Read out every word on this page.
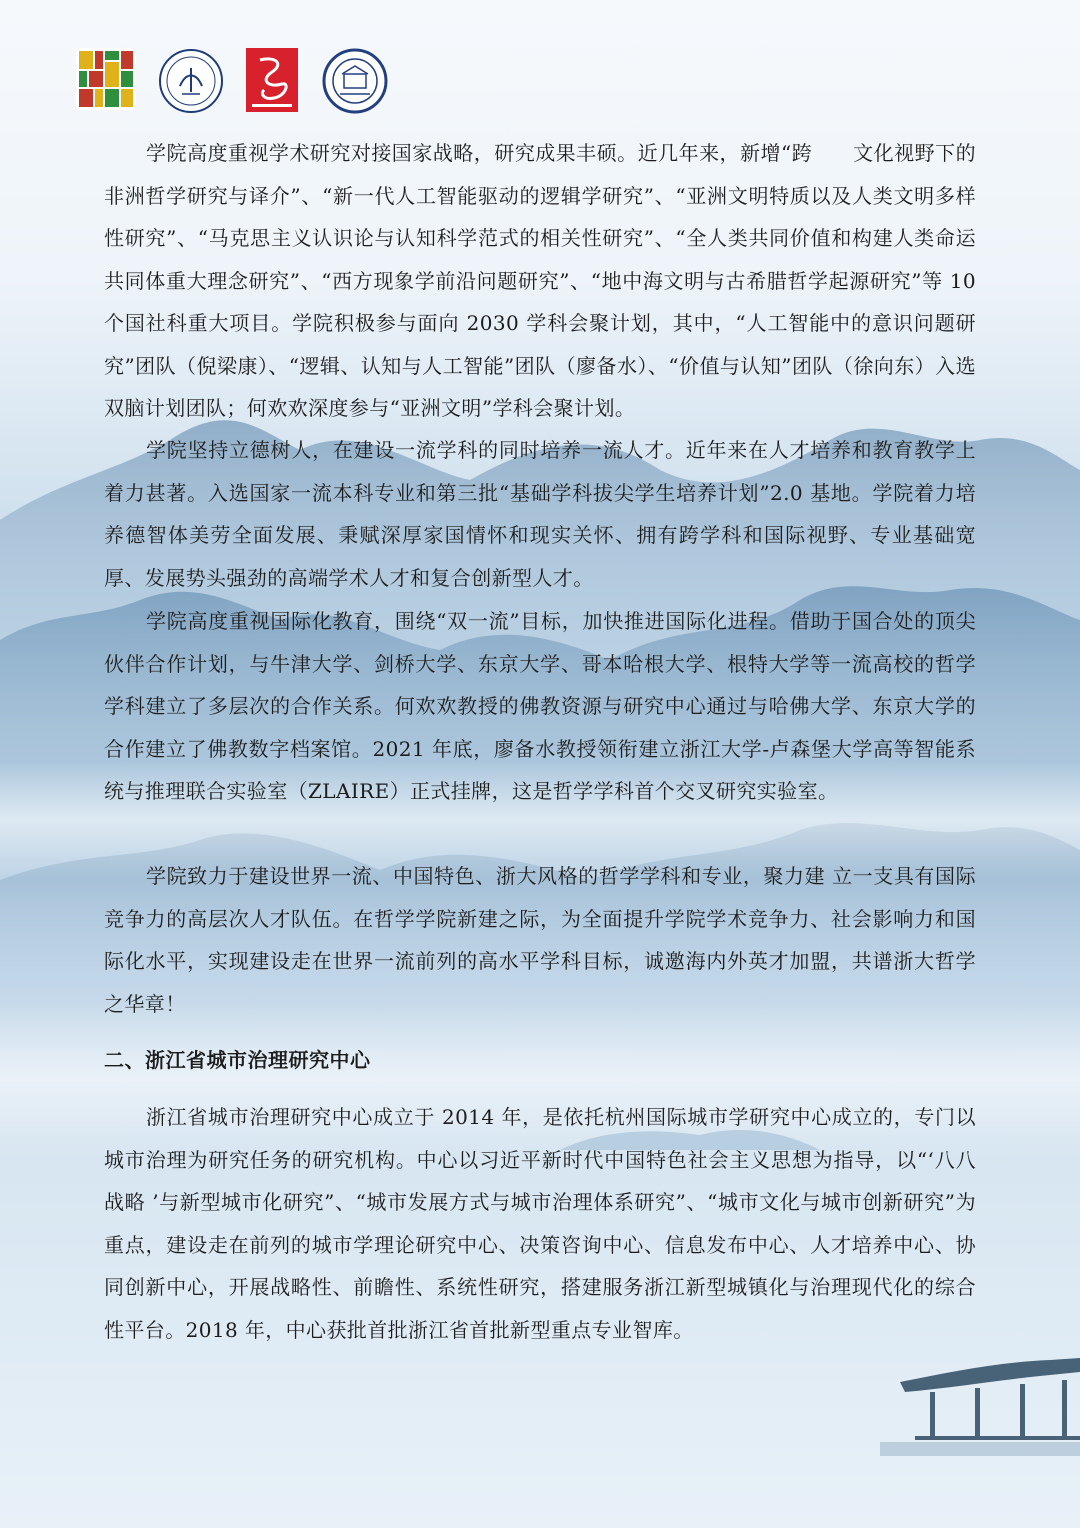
学院高度重视学术研究对接国家战略，研究成果丰硕。近几年来，新增“跨　　文化视野下的非洲哲学研究与译介”、“新一代人工智能驱动的逻辑学研究”、“亚洲文明特质以及人类文明多样性研究”、“马克思主义认识论与认知科学范式的相关性研究”、“全人类共同价值和构建人类命运共同体重大理念研究”、“西方现象学前沿问题研究”、“地中海文明与古希腊哲学起源研究”等 10 个国社科重大项目。学院积极参与面向 2030 学科会聚计划，其中，“人工智能中的意识问题研究”团队（倪梁康）、“逻辑、认知与人工智能”团队（廖备水）、“价值与认知”团队（徐向东）入选双脑计划团队；何欢欢深度参与“亚洲文明”学科会聚计划。

学院坚持立德树人，在建设一流学科的同时培养一流人才。近年来在人才培养和教育教学上着力甚著。入选国家一流本科专业和第三批“基础学科拔尖学生培养计划”2.0 基地。学院着力培养德智体美劳全面发展、秉赋深厚家国情怀和现实关怀、拥有跨学科和国际视野、专业基础宽厚、发展势头强劲的高端学术人才和复合创新型人才。

学院高度重视国际化教育，围绕“双一流”目标，加快推进国际化进程。借助于国合处的顶尖伙伴合作计划，与牛津大学、剑桥大学、东京大学、哥本哈根大学、根特大学等一流高校的哲学学科建立了多层次的合作关系。何欢欢教授的佛教资源与研究中心通过与哈佛大学、东京大学的合作建立了佛教数字档案馆。2021 年底，廖备水教授领衔建立浙江大学-卢森堡大学高等智能系统与推理联合实验室（ZLAIRE）正式挂牌，这是哲学学科首个交叉研究实验室。

学院致力于建设世界一流、中国特色、浙大风格的哲学学科和专业，聚力建 立一支具有国际竞争力的高层次人才队伍。在哲学学院新建之际，为全面提升学院学术竞争力、社会影响力和国际化水平，实现建设走在世界一流前列的高水平学科目标，诚邀海内外英才加盟，共谱浙大哲学之华章！

二、浙江省城市治理研究中心

浙江省城市治理研究中心成立于 2014 年，是依托杭州国际城市学研究中心成立的，专门以城市治理为研究任务的研究机构。中心以习近平新时代中国特色社会主义思想为指导，以“‘八八战略 ’与新型城市化研究”、“城市发展方式与城市治理体系研究”、“城市文化与城市创新研究”为重点，建设走在前列的城市学理论研究中心、决策咨询中心、信息发布中心、人才培养中心、协同创新中心，开展战略性、前瞻性、系统性研究，搭建服务浙江新型城镇化与治理现代化的综合性平台。2018 年，中心获批首批浙江省首批新型重点专业智库。
